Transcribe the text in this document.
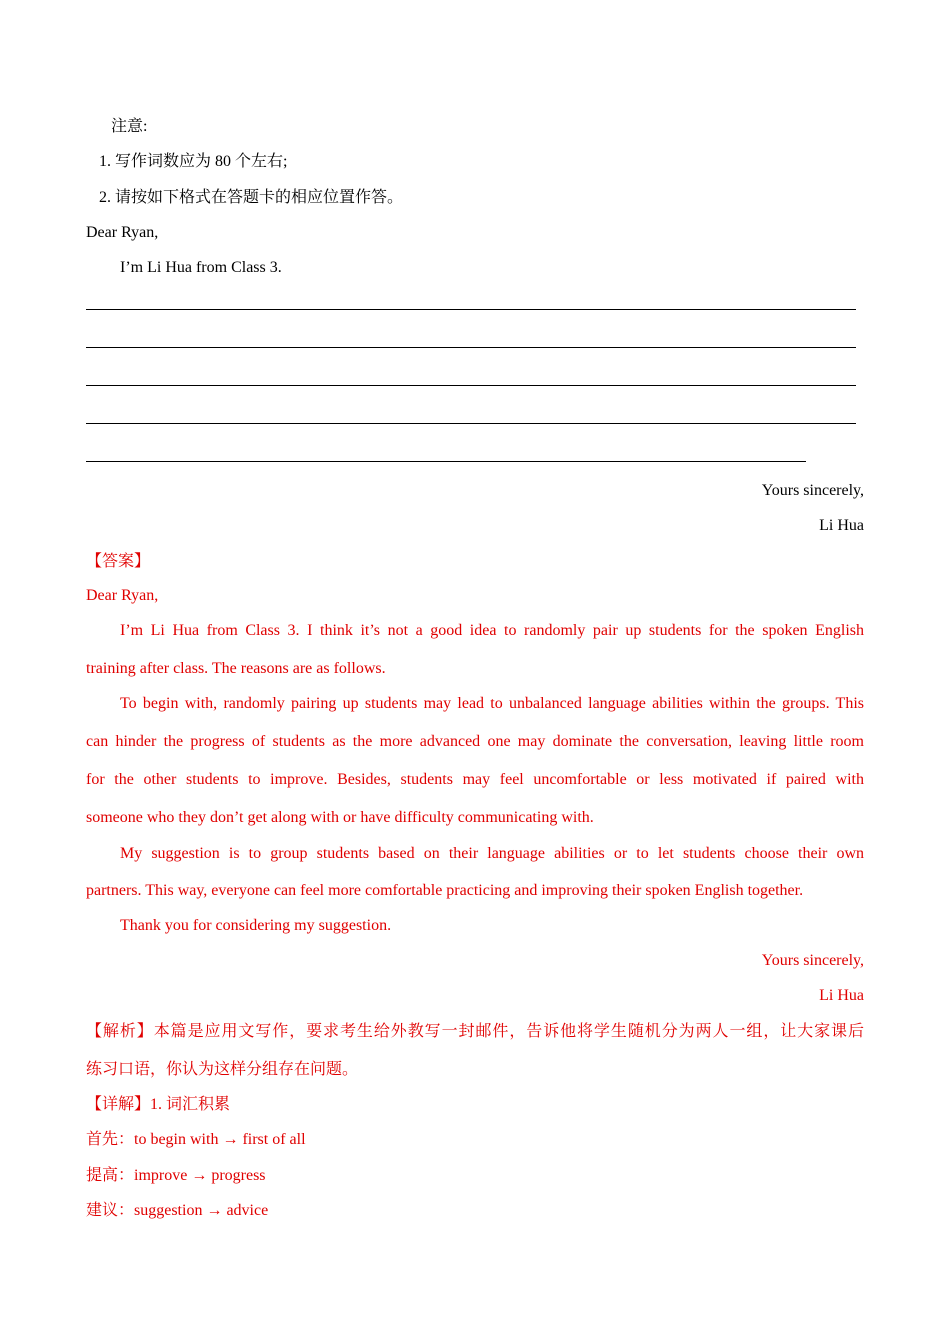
注意:
1. 写作词数应为 80 个左右;
2. 请按如下格式在答题卡的相应位置作答。
Dear Ryan,
I’m Li Hua from Class 3.
Yours sincerely,
Li Hua
【答案】
Dear Ryan,
I’m Li Hua from Class 3. I think it’s not a good idea to randomly pair up students for the spoken English
training after class. The reasons are as follows.
To begin with, randomly pairing up students may lead to unbalanced language abilities within the groups. This
can hinder the progress of students as the more advanced one may dominate the conversation, leaving little room
for the other students to improve. Besides, students may feel uncomfortable or less motivated if paired with
someone who they don’t get along with or have difficulty communicating with.
My suggestion is to group students based on their language abilities or to let students choose their own
partners. This way, everyone can feel more comfortable practicing and improving their spoken English together.
Thank you for considering my suggestion.
Yours sincerely,
Li Hua
【解析】本篇是应用文写作，要求考生给外教写一封邮件，告诉他将学生随机分为两人一组，让大家课后
练习口语，你认为这样分组存在问题。
【详解】1. 词汇积累
首先：to begin with → first of all
提高：improve → progress
建议：suggestion → advice
